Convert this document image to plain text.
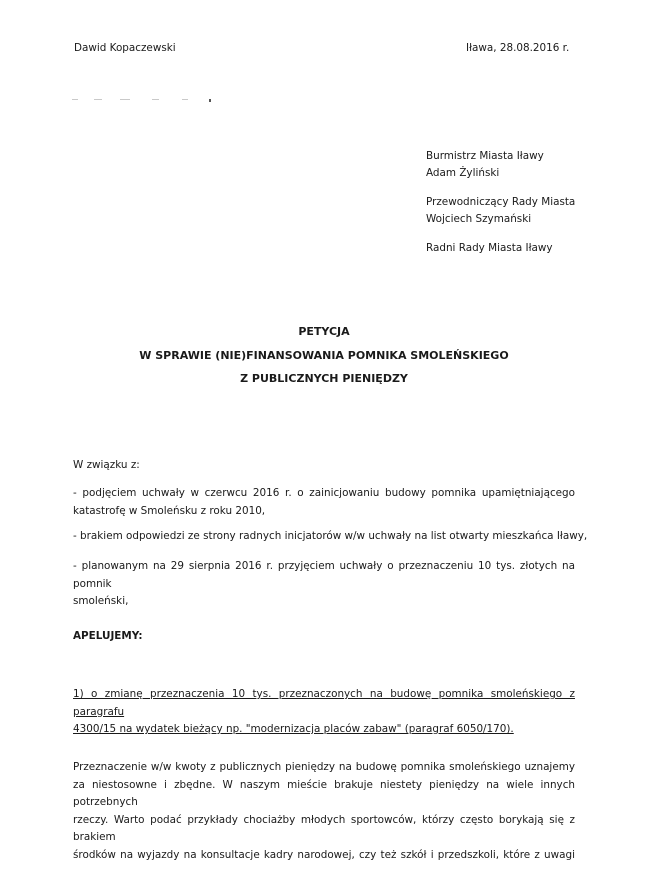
Dawid Kopaczewski	Iława, 28.08.2016 r.
Burmistrz Miasta Iławy
Adam Żyliński
Przewodniczący Rady Miasta
Wojciech Szymański
Radni Rady Miasta Iławy
PETYCJA
W SPRAWIE (NIE)FINANSOWANIA POMNIKA SMOLEŃSKIEGO
Z PUBLICZNYCH PIENIĘDZY
W związku z:

- podjęciem uchwały w czerwcu 2016 r. o zainicjowaniu budowy pomnika upamiętniającego

katastrofę w Smoleńsku z roku 2010,

- brakiem odpowiedzi ze strony radnych inicjatorów w/w uchwały na list otwarty mieszkańca Iławy,

- planowanym na 29 sierpnia 2016 r. przyjęciem uchwały o przeznaczeniu 10 tys. złotych na pomnik

smoleński,

APELUJEMY:

1) o zmianę przeznaczenia 10 tys. przeznaczonych na budowę pomnika smoleńskiego z paragrafu

4300/15 na wydatek bieżący np. "modernizacja placów zabaw" (paragraf 6050/170).

Przeznaczenie w/w kwoty z publicznych pieniędzy na budowę pomnika smoleńskiego uznajemy

za niestosowne i zbędne. W naszym mieście brakuje niestety pieniędzy na wiele innych potrzebnych

rzeczy. Warto podać przykłady chociażby młodych sportowców, którzy często borykają się z brakiem

środków na wyjazdy na konsultacje kadry narodowej, czy też szkół i przedszkoli, które z uwagi
